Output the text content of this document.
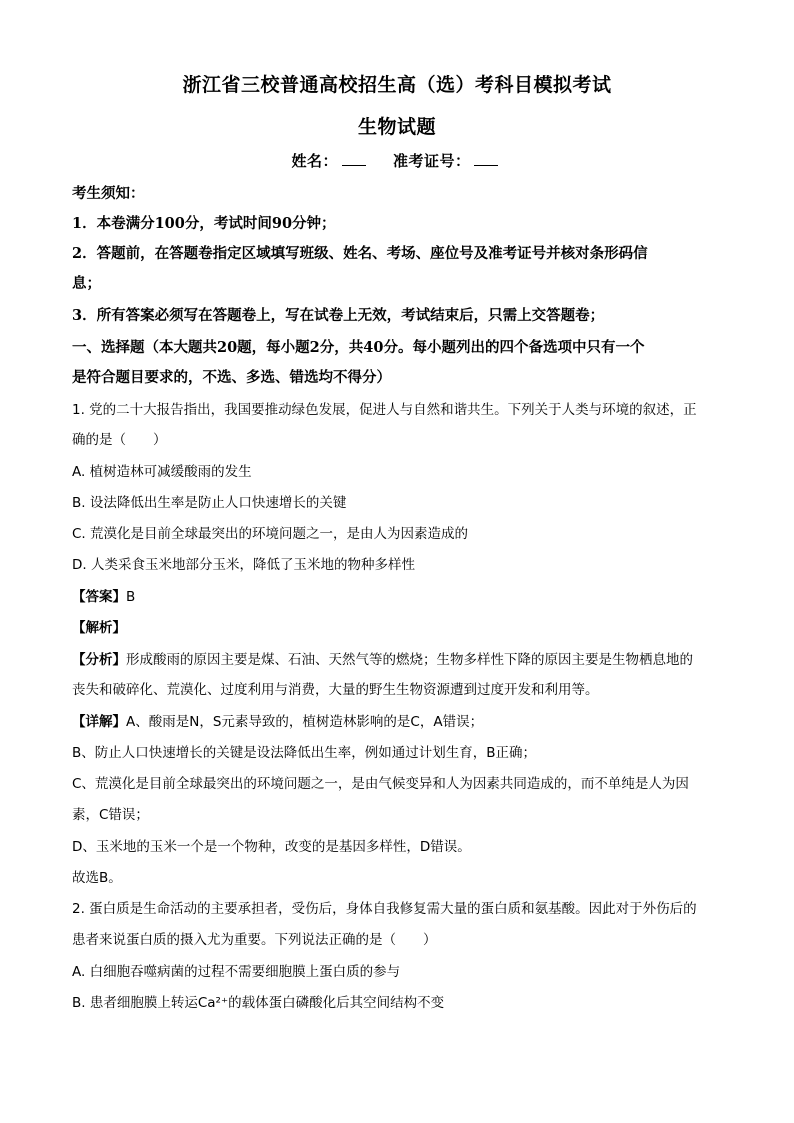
浙江省三校普通高校招生高（选）考科目模拟考试
生物试题
姓名：	准考证号：
考生须知：
1．本卷满分100分，考试时间90分钟；
2．答题前，在答题卷指定区域填写班级、姓名、考场、座位号及准考证号并核对条形码信
息；
3．所有答案必须写在答题卷上，写在试卷上无效，考试结束后，只需上交答题卷；
一、选择题（本大题共20题，每小题2分，共40分。每小题列出的四个备选项中只有一个
是符合题目要求的，不选、多选、错选均不得分）
1. 党的二十大报告指出，我国要推动绿色发展，促进人与自然和谐共生。下列关于人类与环境的叙述，正
确的是（　　）
A. 植树造林可减缓酸雨的发生
B. 设法降低出生率是防止人口快速增长的关键
C. 荒漠化是目前全球最突出的环境问题之一，是由人为因素造成的
D. 人类采食玉米地部分玉米，降低了玉米地的物种多样性
【答案】B
【解析】
【分析】形成酸雨的原因主要是煤、石油、天然气等的燃烧；生物多样性下降的原因主要是生物栖息地的
丧失和破碎化、荒漠化、过度利用与消费，大量的野生生物资源遭到过度开发和利用等。
【详解】A、酸雨是N，S元素导致的，植树造林影响的是C，A错误；
B、防止人口快速增长的关键是设法降低出生率，例如通过计划生育，B正确；
C、荒漠化是目前全球最突出的环境问题之一，是由气候变异和人为因素共同造成的，而不单纯是人为因
素，C错误；
D、玉米地的玉米一个是一个物种，改变的是基因多样性，D错误。
故选B。
2. 蛋白质是生命活动的主要承担者，受伤后，身体自我修复需大量的蛋白质和氨基酸。因此对于外伤后的
患者来说蛋白质的摄入尤为重要。下列说法正确的是（　　）
A. 白细胞吞噬病菌的过程不需要细胞膜上蛋白质的参与
B. 患者细胞膜上转运Ca²⁺的载体蛋白磷酸化后其空间结构不变
